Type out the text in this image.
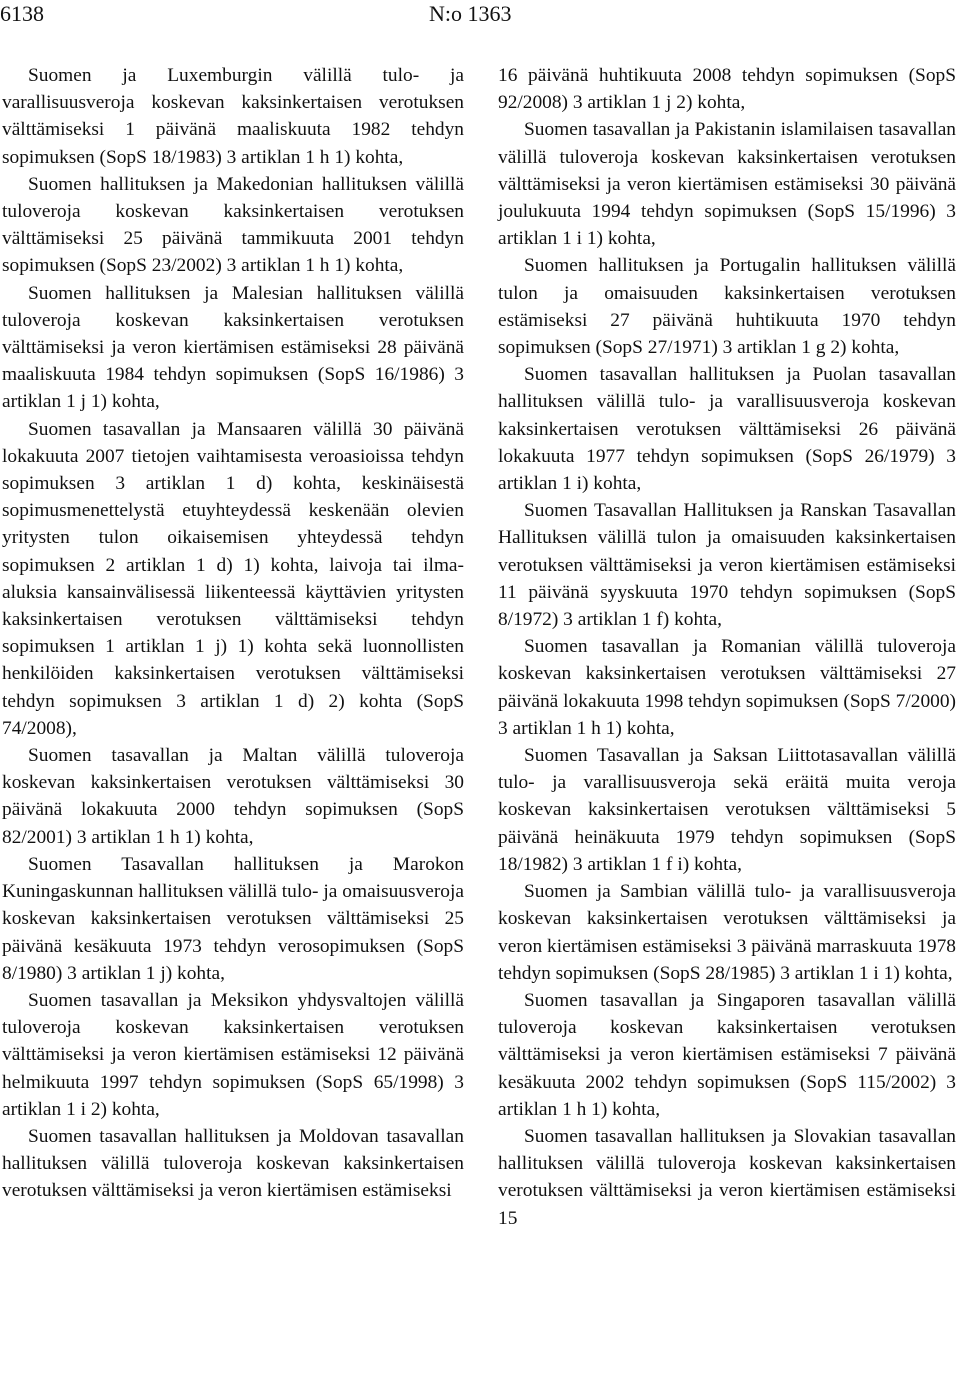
6138	N:o 1363

Suomen ja Luxemburgin välillä tulo- ja varallisuusveroja koskevan kaksinkertaisen verotuksen välttämiseksi 1 päivänä maaliskuuta 1982 tehdyn sopimuksen (SopS 18/1983) 3 artiklan 1 h 1) kohta,

Suomen hallituksen ja Makedonian hallituksen välillä tuloveroja koskevan kaksinkertaisen verotuksen välttämiseksi 25 päivänä tammikuuta 2001 tehdyn sopimuksen (SopS 23/2002) 3 artiklan 1 h 1) kohta,

Suomen hallituksen ja Malesian hallituksen välillä tuloveroja koskevan kaksinkertaisen verotuksen välttämiseksi ja veron kiertämisen estämiseksi 28 päivänä maaliskuuta 1984 tehdyn sopimuksen (SopS 16/1986) 3 artiklan 1 j 1) kohta,

Suomen tasavallan ja Mansaaren välillä 30 päivänä lokakuuta 2007 tietojen vaihtamisesta veroasioissa tehdyn sopimuksen 3 artiklan 1 d) kohta, keskinäisestä sopimusmenettelystä etuyhteydessä keskenään olevien yritysten tulon oikaisemisen yhteydessä tehdyn sopimuksen 2 artiklan 1 d) 1) kohta, laivoja tai ilma-aluksia kansainvälisessä liikenteessä käyttävien yritysten kaksinkertaisen verotuksen välttämiseksi tehdyn sopimuksen 1 artiklan 1 j) 1) kohta sekä luonnollisten henkilöiden kaksinkertaisen verotuksen välttämiseksi tehdyn sopimuksen 3 artiklan 1 d) 2) kohta (SopS 74/2008),

Suomen tasavallan ja Maltan välillä tuloveroja koskevan kaksinkertaisen verotuksen välttämiseksi 30 päivänä lokakuuta 2000 tehdyn sopimuksen (SopS 82/2001) 3 artiklan 1 h 1) kohta,

Suomen Tasavallan hallituksen ja Marokon Kuningaskunnan hallituksen välillä tulo- ja omaisuusveroja koskevan kaksinkertaisen verotuksen välttämiseksi 25 päivänä kesäkuuta 1973 tehdyn verosopimuksen (SopS 8/1980) 3 artiklan 1 j) kohta,

Suomen tasavallan ja Meksikon yhdysvaltojen välillä tuloveroja koskevan kaksinkertaisen verotuksen välttämiseksi ja veron kiertämisen estämiseksi 12 päivänä helmikuuta 1997 tehdyn sopimuksen (SopS 65/1998) 3 artiklan 1 i 2) kohta,

Suomen tasavallan hallituksen ja Moldovan tasavallan hallituksen välillä tuloveroja koskevan kaksinkertaisen verotuksen välttämiseksi ja veron kiertämisen estämiseksi

16 päivänä huhtikuuta 2008 tehdyn sopimuksen (SopS 92/2008) 3 artiklan 1 j 2) kohta,

Suomen tasavallan ja Pakistanin islamilaisen tasavallan välillä tuloveroja koskevan kaksinkertaisen verotuksen välttämiseksi ja veron kiertämisen estämiseksi 30 päivänä joulukuuta 1994 tehdyn sopimuksen (SopS 15/1996) 3 artiklan 1 i 1) kohta,

Suomen hallituksen ja Portugalin hallituksen välillä tulon ja omaisuuden kaksinkertaisen verotuksen estämiseksi 27 päivänä huhtikuuta 1970 tehdyn sopimuksen (SopS 27/1971) 3 artiklan 1 g 2) kohta,

Suomen tasavallan hallituksen ja Puolan tasavallan hallituksen välillä tulo- ja varallisuusveroja koskevan kaksinkertaisen verotuksen välttämiseksi 26 päivänä lokakuuta 1977 tehdyn sopimuksen (SopS 26/1979) 3 artiklan 1 i) kohta,

Suomen Tasavallan Hallituksen ja Ranskan Tasavallan Hallituksen välillä tulon ja omaisuuden kaksinkertaisen verotuksen välttämiseksi ja veron kiertämisen estämiseksi 11 päivänä syyskuuta 1970 tehdyn sopimuksen (SopS 8/1972) 3 artiklan 1 f) kohta,

Suomen tasavallan ja Romanian välillä tuloveroja koskevan kaksinkertaisen verotuksen välttämiseksi 27 päivänä lokakuuta 1998 tehdyn sopimuksen (SopS 7/2000) 3 artiklan 1 h 1) kohta,

Suomen Tasavallan ja Saksan Liittotasavallan välillä tulo- ja varallisuusveroja sekä eräitä muita veroja koskevan kaksinkertaisen verotuksen välttämiseksi 5 päivänä heinäkuuta 1979 tehdyn sopimuksen (SopS 18/1982) 3 artiklan 1 f i) kohta,

Suomen ja Sambian välillä tulo- ja varallisuusveroja koskevan kaksinkertaisen verotuksen välttämiseksi ja veron kiertämisen estämiseksi 3 päivänä marraskuuta 1978 tehdyn sopimuksen (SopS 28/1985) 3 artiklan 1 i 1) kohta,

Suomen tasavallan ja Singaporen tasavallan välillä tuloveroja koskevan kaksinkertaisen verotuksen välttämiseksi ja veron kiertämisen estämiseksi 7 päivänä kesäkuuta 2002 tehdyn sopimuksen (SopS 115/2002) 3 artiklan 1 h 1) kohta,

Suomen tasavallan hallituksen ja Slovakian tasavallan hallituksen välillä tuloveroja koskevan kaksinkertaisen verotuksen välttämiseksi ja veron kiertämisen estämiseksi 15
